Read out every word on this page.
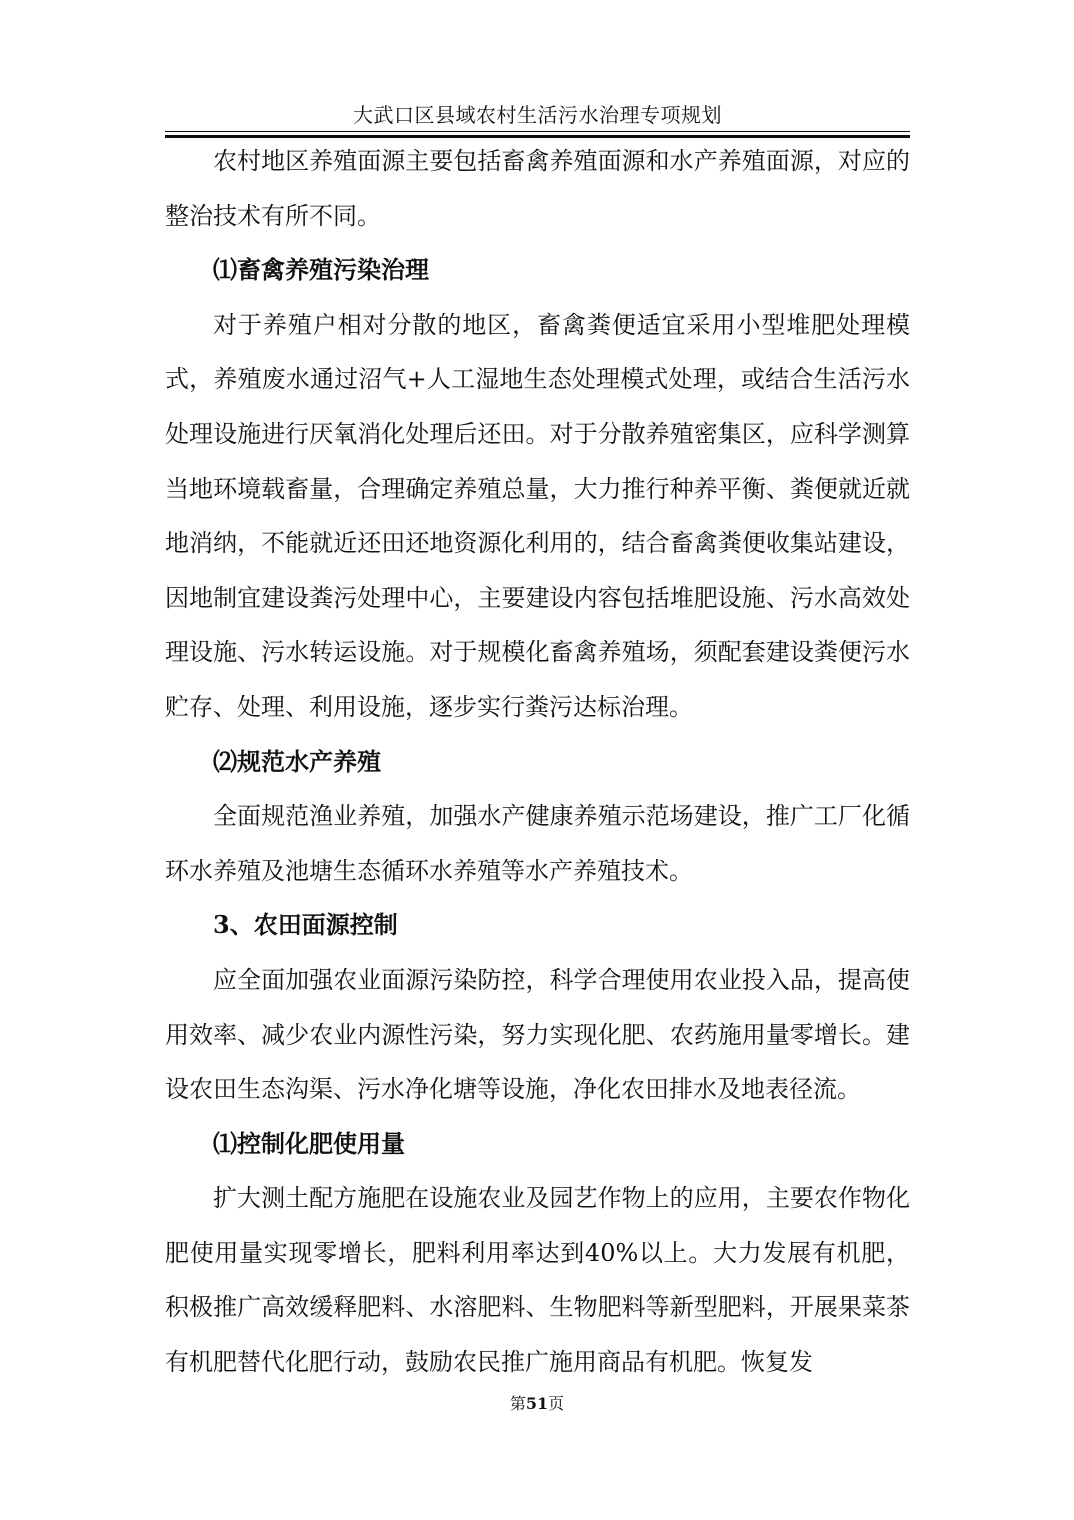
大武口区县域农村生活污水治理专项规划

农村地区养殖面源主要包括畜禽养殖面源和水产养殖面源，对应的整治技术有所不同。

⑴畜禽养殖污染治理

对于养殖户相对分散的地区，畜禽粪便适宜采用小型堆肥处理模式，养殖废水通过沼气+人工湿地生态处理模式处理，或结合生活污水处理设施进行厌氧消化处理后还田。对于分散养殖密集区，应科学测算当地环境载畜量，合理确定养殖总量，大力推行种养平衡、粪便就近就地消纳，不能就近还田还地资源化利用的，结合畜禽粪便收集站建设，因地制宜建设粪污处理中心，主要建设内容包括堆肥设施、污水高效处理设施、污水转运设施。对于规模化畜禽养殖场，须配套建设粪便污水贮存、处理、利用设施，逐步实行粪污达标治理。

⑵规范水产养殖

全面规范渔业养殖，加强水产健康养殖示范场建设，推广工厂化循环水养殖及池塘生态循环水养殖等水产养殖技术。

3、农田面源控制

应全面加强农业面源污染防控，科学合理使用农业投入品，提高使用效率、减少农业内源性污染，努力实现化肥、农药施用量零增长。建设农田生态沟渠、污水净化塘等设施，净化农田排水及地表径流。

⑴控制化肥使用量

扩大测土配方施肥在设施农业及园艺作物上的应用，主要农作物化肥使用量实现零增长，肥料利用率达到40%以上。大力发展有机肥，积极推广高效缓释肥料、水溶肥料、生物肥料等新型肥料，开展果菜茶有机肥替代化肥行动，鼓励农民推广施用商品有机肥。恢复发

第51页
